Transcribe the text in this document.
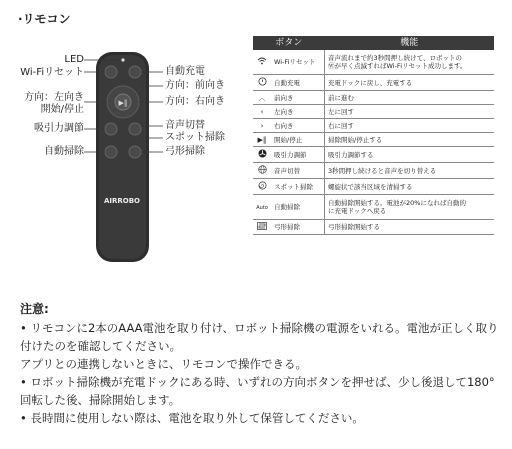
·リモコン
▶‖
AIRROBO
LED
Wi-Fiリセット	自動充電
方向：前向き
方向：左向き
開始/停止
方向：右向き
吸引力調節	音声切替
スポット掃除
自動掃除	弓形掃除
ボタン		機能
	Wi-Fiリセット	音声流れまで約3秒間押し続けて、ロボットの
Ⓦが早く点滅すればWi-Fiリセット成功します。
	自動充電	充電ドックに戻し、充電する
︿	前向き	前に進む
‹	左向き	左に回す
›	右向き	右に回す
▶‖	開始/停止	掃除開始/停止する
	吸引力調節	吸引力調節する
	音声切替	3秒間押し続けると音声を切り替える
	スポット掃除	螺旋状で該当区域を清掃する
Auto	自動掃除	自動掃除開始する。電池が20%になれば自動的
に充電ドックへ戻る
	弓形掃除	弓形掃除開始する
注意:

• リモコンに2本のAAA電池を取り付け、ロボット掃除機の電源をいれる。電池が正しく取り付けたのを確認してください。

アプリとの連携しないときに、リモコンで操作できる。

• ロボット掃除機が充電ドックにある時、いずれの方向ボタンを押せば、少し後退して180°回転した後、掃除開始します。

• 長時間に使用しない際は、電池を取り外して保管してください。
